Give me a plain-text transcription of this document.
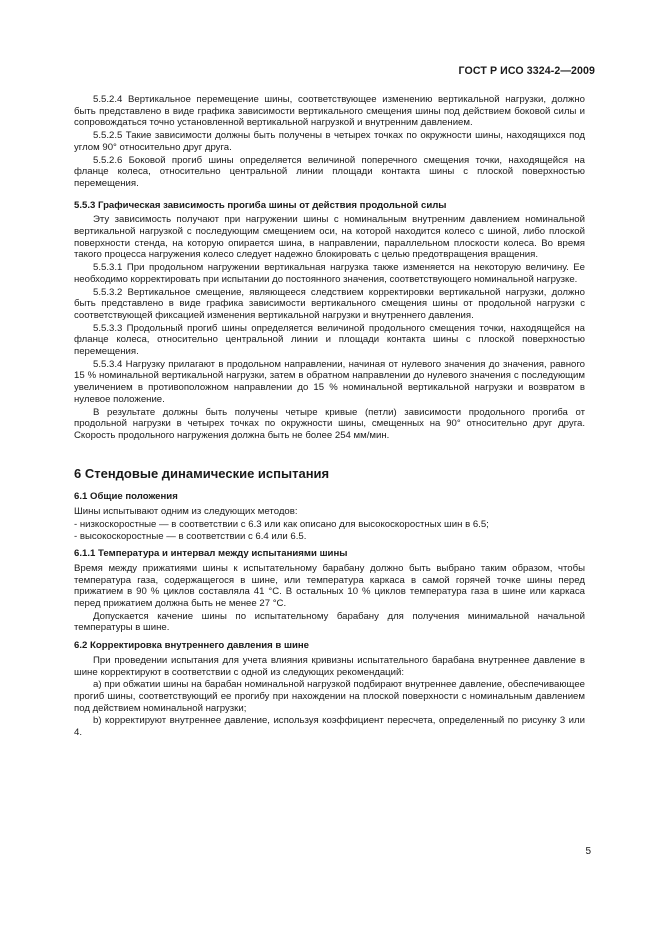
ГОСТ Р ИСО 3324-2—2009

5.5.2.4 Вертикальное перемещение шины, соответствующее изменению вертикальной нагрузки, должно быть представлено в виде графика зависимости вертикального смещения шины под действием боковой силы и сопровождаться точно установленной вертикальной нагрузкой и внутренним давлением.

5.5.2.5 Такие зависимости должны быть получены в четырех точках по окружности шины, находящихся под углом 90° относительно друг друга.

5.5.2.6 Боковой прогиб шины определяется величиной поперечного смещения точки, находящейся на фланце колеса, относительно центральной линии площади контакта шины с плоской поверхностью перемещения.

5.5.3 Графическая зависимость прогиба шины от действия продольной силы

Эту зависимость получают при нагружении шины с номинальным внутренним давлением номинальной вертикальной нагрузкой с последующим смещением оси, на которой находится колесо с шиной, либо плоской поверхности стенда, на которую опирается шина, в направлении, параллельном плоскости колеса. Во время такого процесса нагружения колесо следует надежно блокировать с целью предотвращения вращения.

5.5.3.1 При продольном нагружении вертикальная нагрузка также изменяется на некоторую величину. Ее необходимо корректировать при испытании до постоянного значения, соответствующего номинальной нагрузке.

5.5.3.2 Вертикальное смещение, являющееся следствием корректировки вертикальной нагрузки, должно быть представлено в виде графика зависимости вертикального смещения шины от продольной нагрузки с соответствующей фиксацией изменения вертикальной нагрузки и внутреннего давления.

5.5.3.3 Продольный прогиб шины определяется величиной продольного смещения точки, находящейся на фланце колеса, относительно центральной линии и площади контакта шины с плоской поверхностью перемещения.

5.5.3.4 Нагрузку прилагают в продольном направлении, начиная от нулевого значения до значения, равного 15 % номинальной вертикальной нагрузки, затем в обратном направлении до нулевого значения с последующим увеличением в противоположном направлении до 15 % номинальной вертикальной нагрузки и возвратом в нулевое положение.

В результате должны быть получены четыре кривые (петли) зависимости продольного прогиба от продольной нагрузки в четырех точках по окружности шины, смещенных на 90° относительно друг друга. Скорость продольного нагружения должна быть не более 254 мм/мин.

6 Стендовые динамические испытания

6.1 Общие положения

Шины испытывают одним из следующих методов:

- низкоскоростные — в соответствии с 6.3 или как описано для высокоскоростных шин в 6.5;

- высокоскоростные — в соответствии с 6.4 или 6.5.

6.1.1 Температура и интервал между испытаниями шины

Время между прижатиями шины к испытательному барабану должно быть выбрано таким образом, чтобы температура газа, содержащегося в шине, или температура каркаса в самой горячей точке шины перед прижатием в 90 % циклов составляла 41 °С. В остальных 10 % циклов температура газа в шине или каркаса перед прижатием должна быть не менее 27 °С.

Допускается качение шины по испытательному барабану для получения минимальной начальной температуры в шине.

6.2 Корректировка внутреннего давления в шине

При проведении испытания для учета влияния кривизны испытательного барабана внутреннее давление в шине корректируют в соответствии с одной из следующих рекомендаций:

а) при обжатии шины на барабан номинальной нагрузкой подбирают внутреннее давление, обеспечивающее прогиб шины, соответствующий ее прогибу при нахождении на плоской поверхности с номинальным давлением под действием номинальной нагрузки;

b) корректируют внутреннее давление, используя коэффициент пересчета, определенный по рисунку 3 или 4.

5
